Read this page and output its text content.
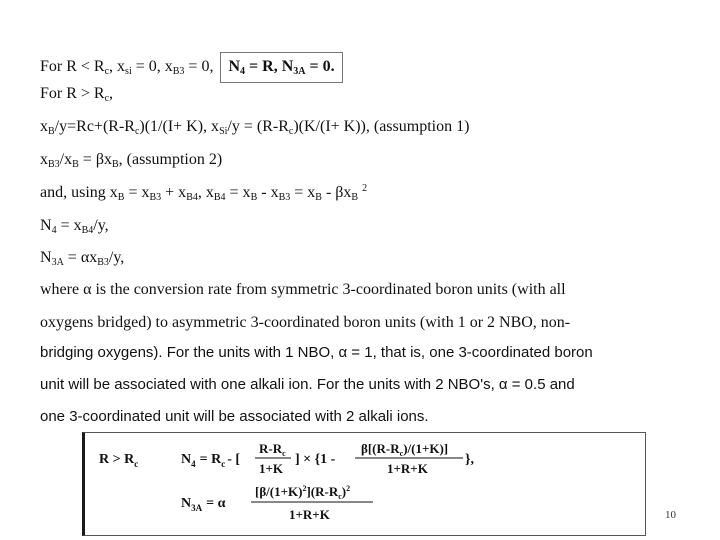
For $R < R_c$, $x_{si} = 0$, $x_{B3} = 0$, $N_4 = R$, $N_{3A} = 0$.
For $R > R_c$,
$x_B/y=Rc+(R-R_c)(1/(I+ K)$, $x_{Si}/y = (R-R_c)(K/(I+ K))$, (assumption 1)
$x_{B3}/x_B = \beta x_B$, (assumption 2)
and, using $x_B = x_{B3} + x_{B4}$, $x_{B4} = x_B - x_{B3} = x_B - \beta x_B$ $^2$
$N_4 = x_{B4}/y$,
$N_{3A} = \alpha x_{B3}/y$,
where α is the conversion rate from symmetric 3-coordinated boron units (with all
oxygens bridged) to asymmetric 3-coordinated boron units (with 1 or 2 NBO, non-
bridging oxygens). For the units with 1 NBO, α = 1, that is, one 3-coordinated boron
unit will be associated with one alkali ion. For the units with 2 NBO's, α = 0.5 and
one 3-coordinated unit will be associated with 2 alkali ions.
$R > R_c$	$N_4 = R_c$ - [
$R-R_c$
1+K
] × {1 -
$\beta[(R-R_c)/(1+K)]$
1+R+K
},
$N_{3A} = \alpha$
$[\beta/(1+K)^2](R-R_c)^2$
1+R+K	10
